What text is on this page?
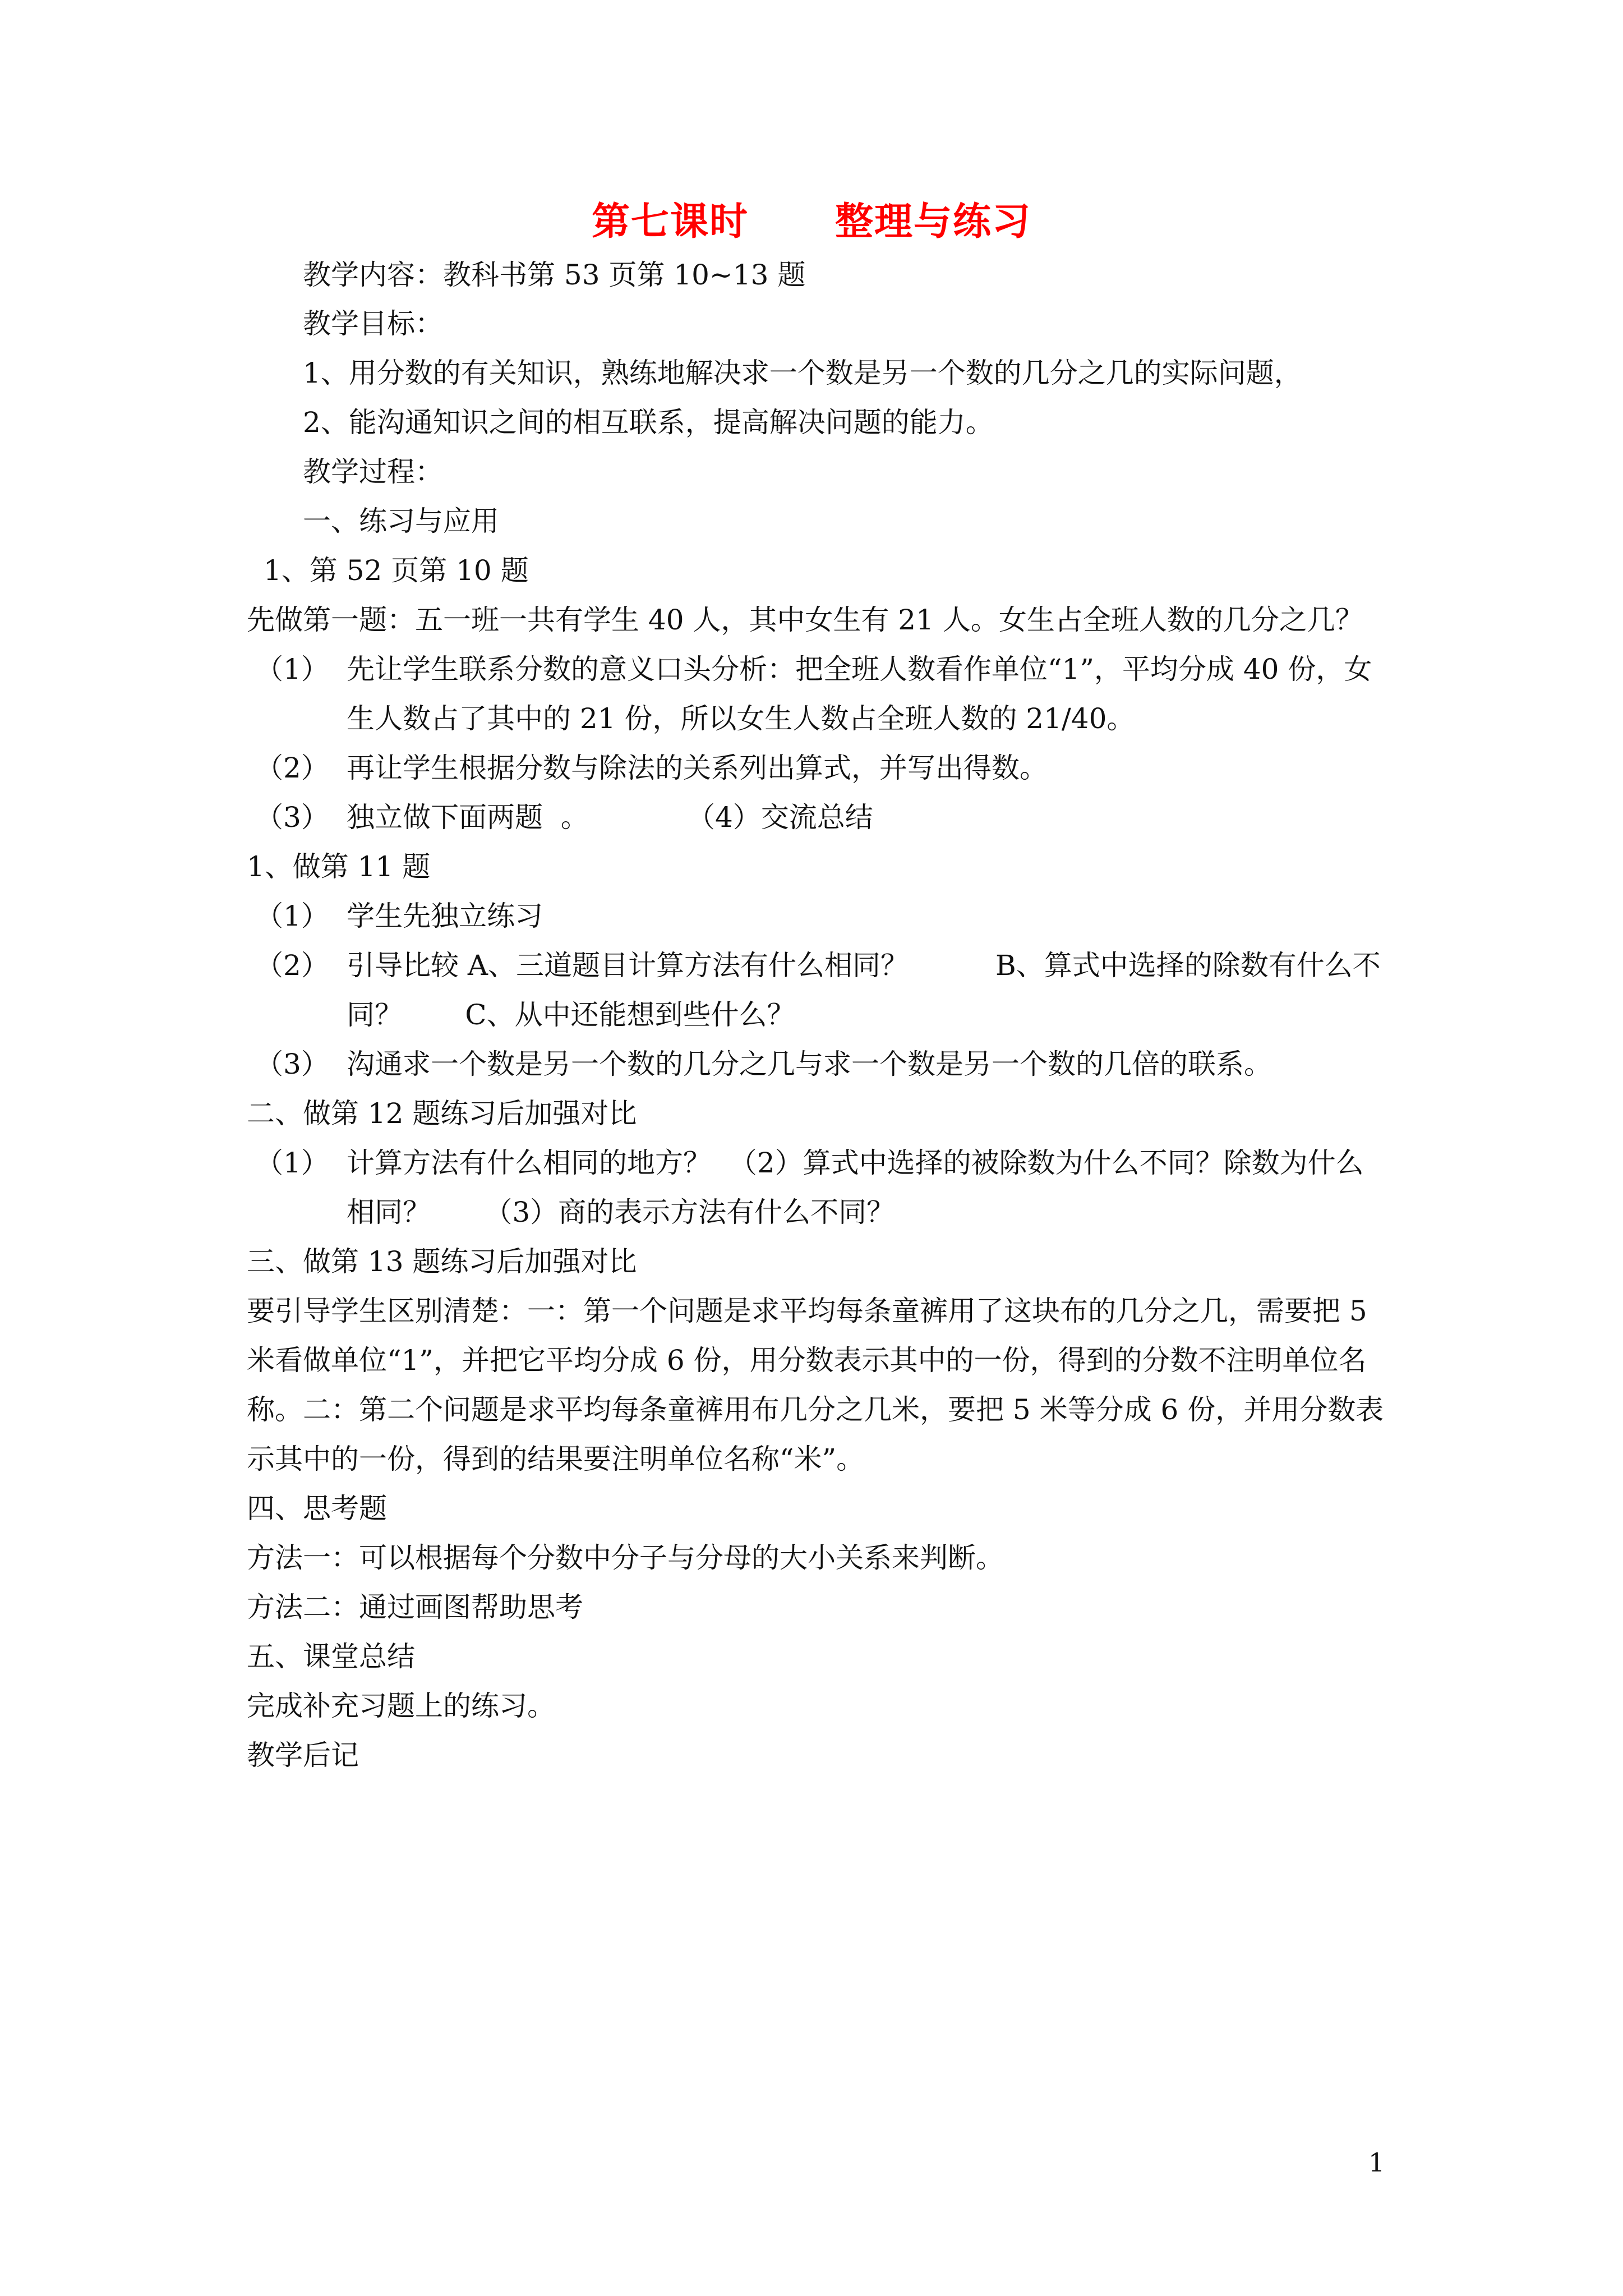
第七课时      整理与练习
教学内容：教科书第 53 页第 10~13 题
教学目标：
1、用分数的有关知识，熟练地解决求一个数是另一个数的几分之几的实际问题，
2、能沟通知识之间的相互联系，提高解决问题的能力。
教学过程：
一、练习与应用
1、第 52 页第 10 题
先做第一题：五一班一共有学生 40 人，其中女生有 21 人。女生占全班人数的几分之几？
（1） 先让学生联系分数的意义口头分析：把全班人数看作单位“1”，平均分成 40 份，女
生人数占了其中的 21 份，所以女生人数占全班人数的 21/40。
（2） 再让学生根据分数与除法的关系列出算式，并写出得数。
（3） 独立做下面两题  。	（4）交流总结
1、做第 11 题
（1） 学生先独立练习
（2） 引导比较 A、三道题目计算方法有什么相同？	B、算式中选择的除数有什么不
同？       C、从中还能想到些什么？
（3） 沟通求一个数是另一个数的几分之几与求一个数是另一个数的几倍的联系。
二、做第 12 题练习后加强对比
（1） 计算方法有什么相同的地方？  （2）算式中选择的被除数为什么不同？除数为什么
相同？      （3）商的表示方法有什么不同？
三、做第 13 题练习后加强对比
要引导学生区别清楚：一：第一个问题是求平均每条童裤用了这块布的几分之几，需要把 5
米看做单位“1”，并把它平均分成 6 份，用分数表示其中的一份，得到的分数不注明单位名
称。二：第二个问题是求平均每条童裤用布几分之几米，要把 5 米等分成 6 份，并用分数表
示其中的一份，得到的结果要注明单位名称“米”。
四、思考题
方法一：可以根据每个分数中分子与分母的大小关系来判断。
方法二：通过画图帮助思考
五、课堂总结
完成补充习题上的练习。
教学后记
1
